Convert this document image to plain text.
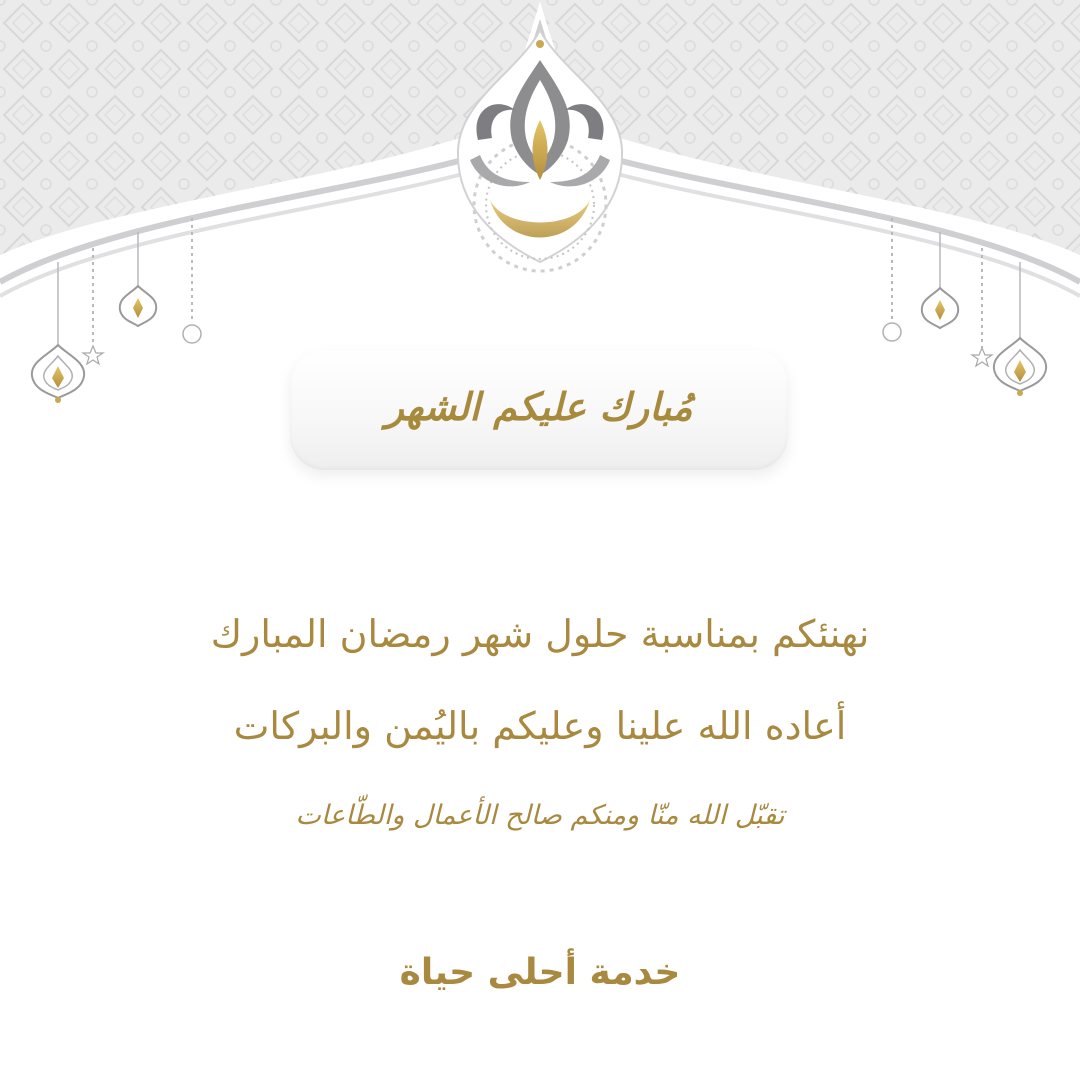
مُبارك عليكم الشهر

نهنئكم بمناسبة حلول شهر رمضان المبارك

أعاده الله علينا وعليكم باليُمن والبركات

تقبّل الله منّا ومنكم صالح الأعمال والطّاعات

خدمة أحلى حياة
